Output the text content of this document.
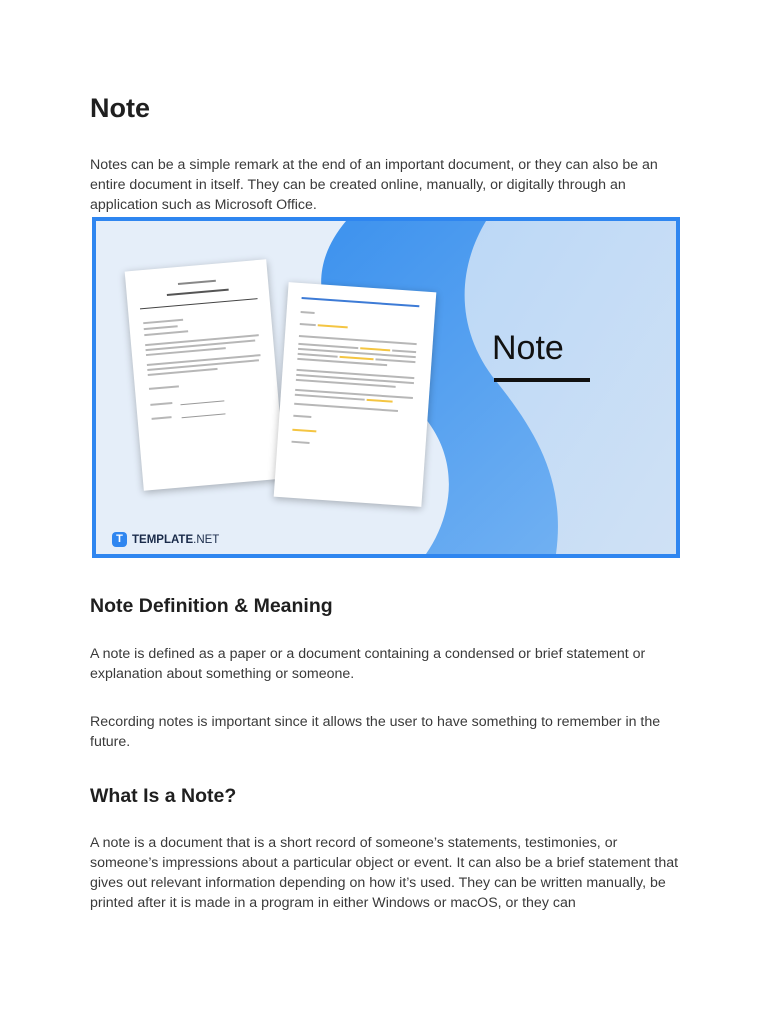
Note

Notes can be a simple remark at the end of an important document, or they can also be an entire document in itself. They can be created online, manually, or digitally through an application such as Microsoft Office.

Note
T TEMPLATE.NET
Note Definition & Meaning

A note is defined as a paper or a document containing a condensed or brief statement or explanation about something or someone.

Recording notes is important since it allows the user to have something to remember in the future.

What Is a Note?

A note is a document that is a short record of someone’s statements, testimonies, or someone’s impressions about a particular object or event. It can also be a brief statement that gives out relevant information depending on how it’s used. They can be written manually, be printed after it is made in a program in either Windows or macOS, or they can
